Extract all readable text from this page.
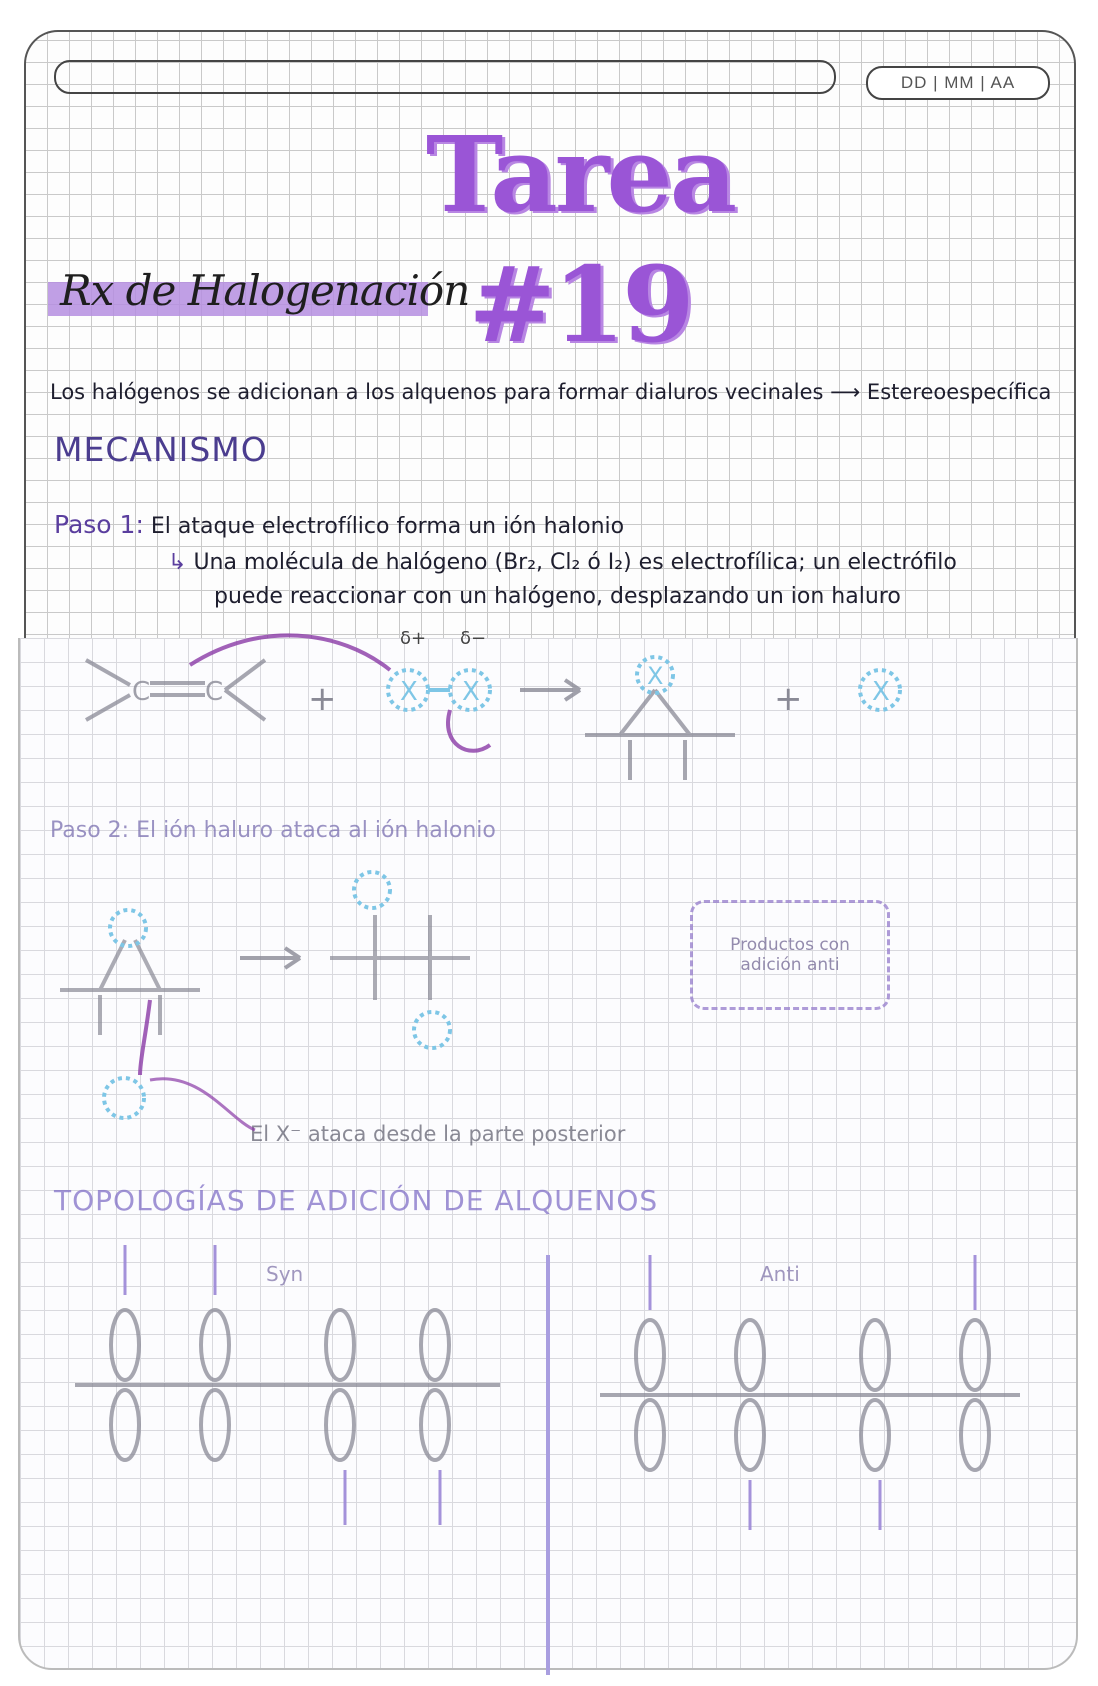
DD | MM | AA
Tarea #19
Rx de Halogenación
Los halógenos se adicionan a los alquenos para formar dialuros vecinales ⟶ Estereoespecífica
MECANISMO
Paso 1: El ataque electrofílico forma un ión halonio
↳ Una molécula de halógeno (Br₂, Cl₂ ó I₂) es electrofílica; un electrófilo
puede reaccionar con un halógeno, desplazando un ion haluro
Paso 2: El ión haluro ataca al ión halonio
Productos con adición anti
El X⁻ ataca desde la parte posterior
TOPOLOGÍAS DE ADICIÓN DE ALQUENOS
Syn	Anti
C C +
δ+ δ−
X X
X
+	X
